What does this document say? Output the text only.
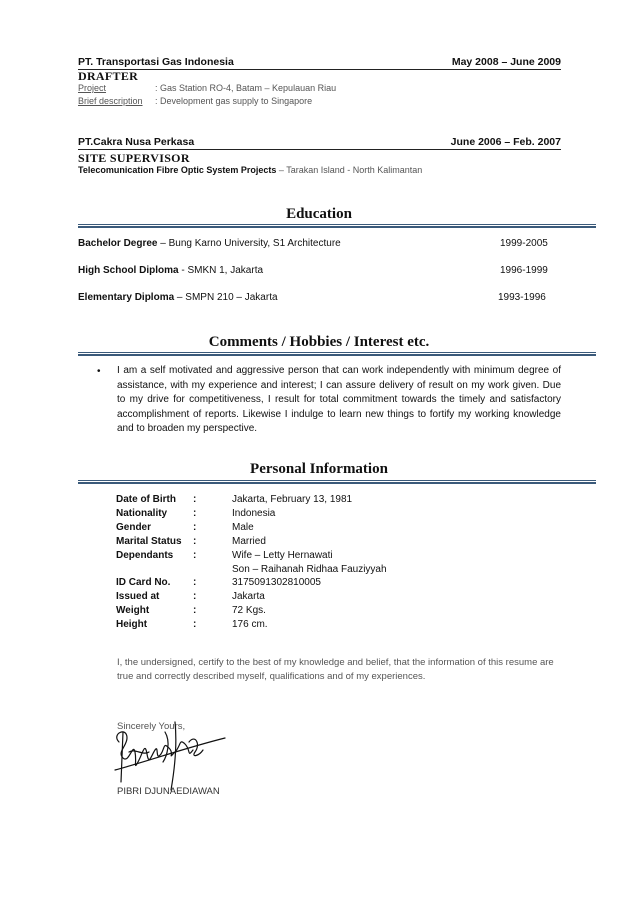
PT. Transportasi Gas Indonesia	May 2008 – June 2009
DRAFTER
Project	: Gas Station RO-4, Batam – Kepulauan Riau
Brief description : Development gas supply to Singapore
PT.Cakra Nusa Perkasa	June 2006 – Feb. 2007
SITE SUPERVISOR
Telecomunication Fibre Optic System Projects – Tarakan Island - North Kalimantan
Education
Bachelor Degree – Bung Karno University, S1 Architecture	1999-2005
High School Diploma - SMKN 1, Jakarta	1996-1999
Elementary Diploma – SMPN 210 – Jakarta	1993-1996
Comments / Hobbies / Interest etc.
• I am a self motivated and aggressive person that can work independently with minimum degree of assistance, with my experience and interest; I can assure delivery of result on my work given. Due to my drive for competitiveness, I result for total commitment towards the timely and satisfactory accomplishment of reports. Likewise I indulge to learn new things to fortify my working knowledge and to broaden my perspective.
Personal Information
Date of Birth :	Jakarta, February 13, 1981
Nationality	:	Indonesia
Gender	:	Male
Marital Status :	Married
Dependants :	Wife – Letty Hernawati
Son – Raihanah Ridhaa Fauziyyah
ID Card No. :	3175091302810005
Issued at	:	Jakarta
Weight	:	72 Kgs.
Height	:	176 cm.
I, the undersigned, certify to the best of my knowledge and belief, that the information of this resume are true and correctly described myself, qualifications and of my experiences.
Sincerely Yours,
PIBRI DJUNAEDIAWAN
